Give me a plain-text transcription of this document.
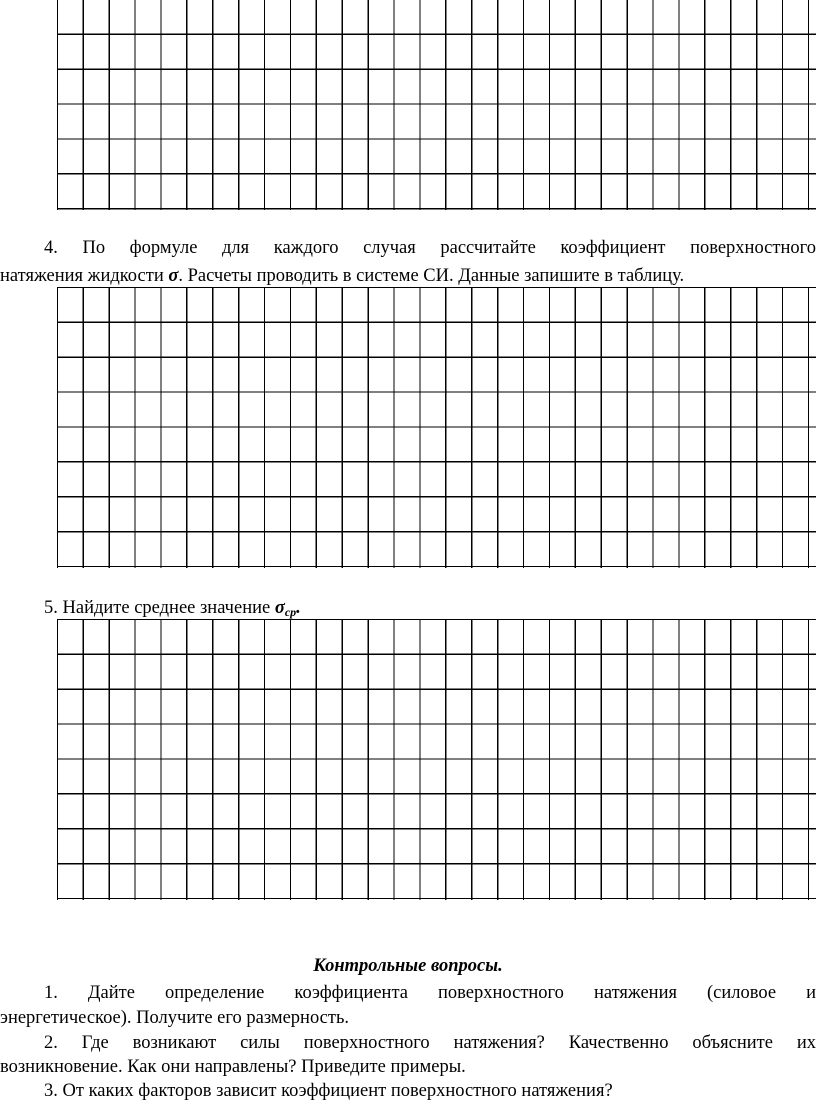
4. По формуле для каждого случая рассчитайте коэффициент поверхностного

натяжения жидкости σ. Расчеты проводить в системе СИ. Данные запишите в таблицу.

5. Найдите среднее значение $\sigma_{ср}$.

Контрольные вопросы.

1. Дайте определение коэффициента поверхностного натяжения (силовое и

энергетическое). Получите его размерность.

2. Где возникают силы поверхностного натяжения? Качественно объясните их

возникновение. Как они направлены? Приведите примеры.

3. От каких факторов зависит коэффициент поверхностного натяжения?
